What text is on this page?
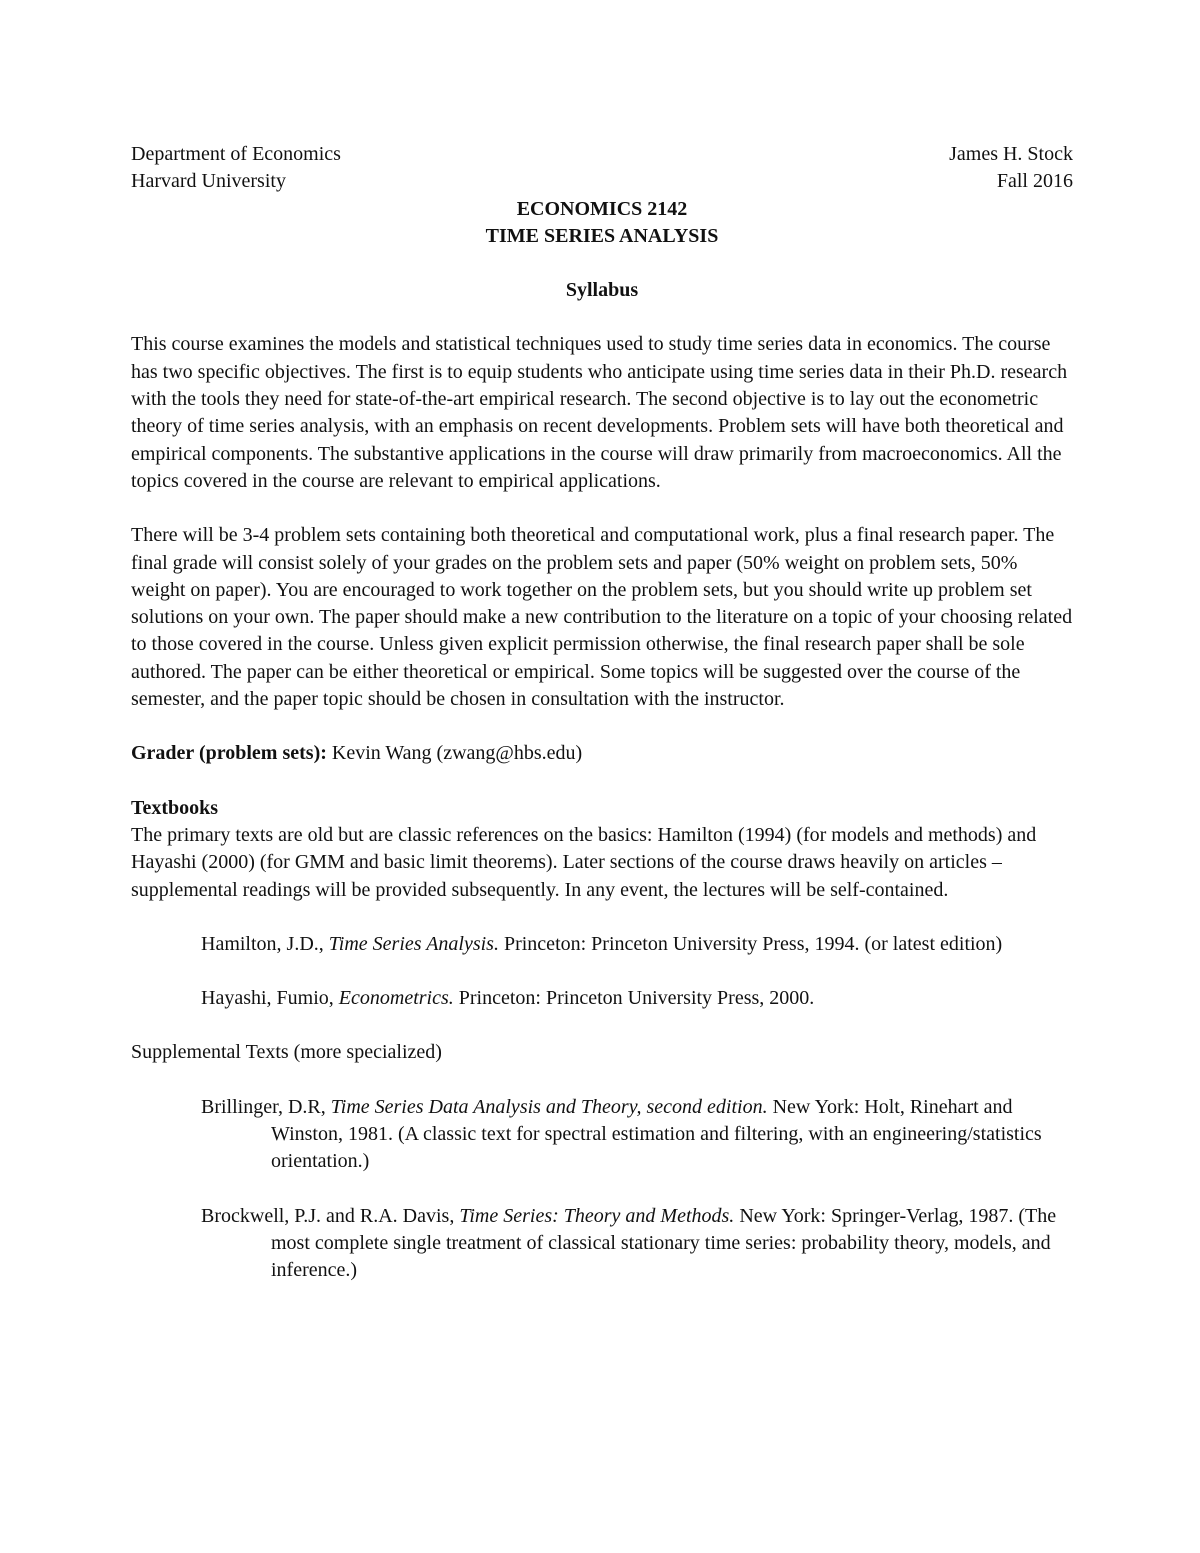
Department of Economics	James H. Stock
Harvard University	Fall 2016
ECONOMICS 2142
TIME SERIES ANALYSIS
Syllabus

This course examines the models and statistical techniques used to study time series data in economics. The course has two specific objectives. The first is to equip students who anticipate using time series data in their Ph.D. research with the tools they need for state-of-the-art empirical research. The second objective is to lay out the econometric theory of time series analysis, with an emphasis on recent developments. Problem sets will have both theoretical and empirical components. The substantive applications in the course will draw primarily from macroeconomics. All the topics covered in the course are relevant to empirical applications.

There will be 3-4 problem sets containing both theoretical and computational work, plus a final research paper. The final grade will consist solely of your grades on the problem sets and paper (50% weight on problem sets, 50% weight on paper). You are encouraged to work together on the problem sets, but you should write up problem set solutions on your own. The paper should make a new contribution to the literature on a topic of your choosing related to those covered in the course. Unless given explicit permission otherwise, the final research paper shall be sole authored. The paper can be either theoretical or empirical. Some topics will be suggested over the course of the semester, and the paper topic should be chosen in consultation with the instructor.

Grader (problem sets): Kevin Wang (zwang@hbs.edu)

Textbooks

The primary texts are old but are classic references on the basics: Hamilton (1994) (for models and methods) and Hayashi (2000) (for GMM and basic limit theorems). Later sections of the course draws heavily on articles – supplemental readings will be provided subsequently. In any event, the lectures will be self-contained.

Hamilton, J.D., Time Series Analysis. Princeton: Princeton University Press, 1994. (or latest edition)

Hayashi, Fumio, Econometrics. Princeton: Princeton University Press, 2000.

Supplemental Texts (more specialized)

Brillinger, D.R, Time Series Data Analysis and Theory, second edition. New York: Holt, Rinehart and Winston, 1981. (A classic text for spectral estimation and filtering, with an engineering/statistics orientation.)

Brockwell, P.J. and R.A. Davis, Time Series: Theory and Methods. New York: Springer-Verlag, 1987. (The most complete single treatment of classical stationary time series: probability theory, models, and inference.)
